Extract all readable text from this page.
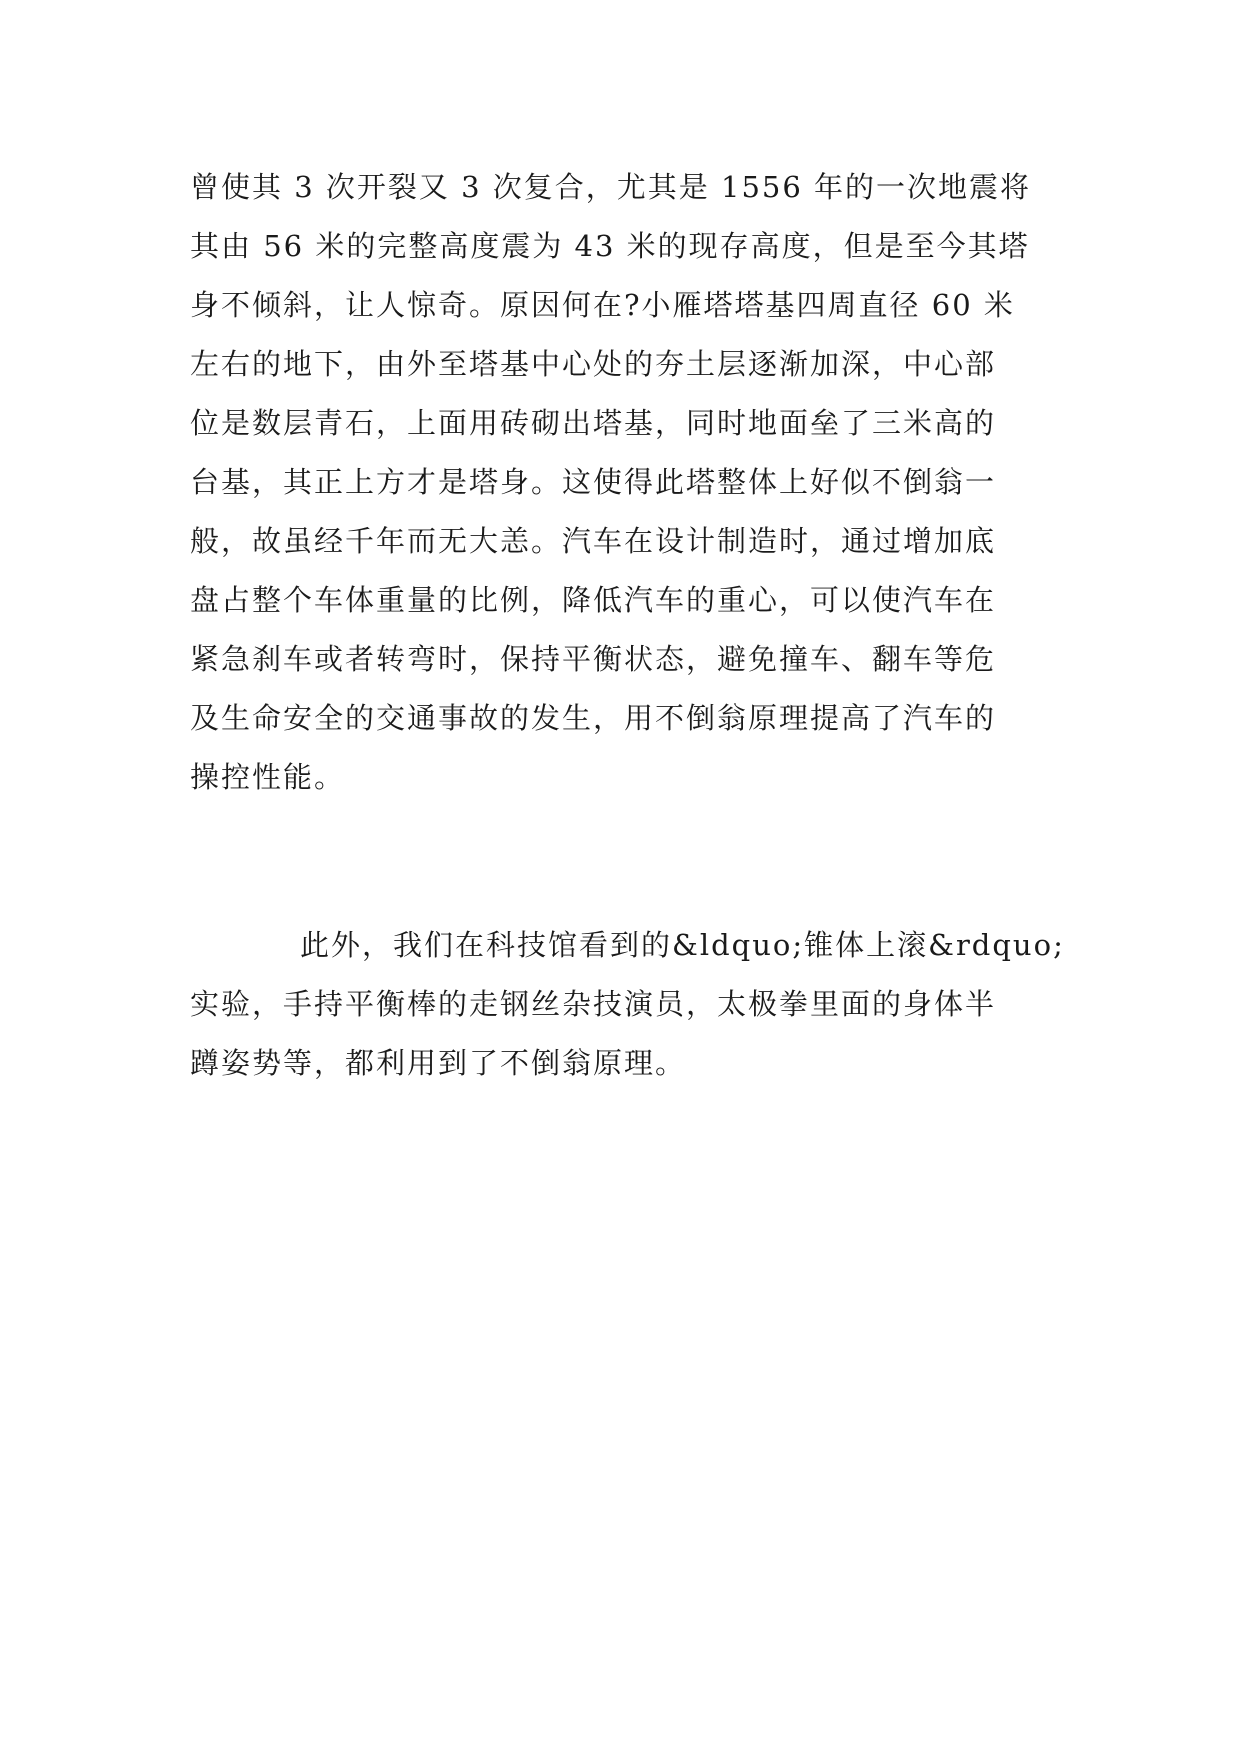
曾使其 3 次开裂又 3 次复合，尤其是 1556 年的一次地震将
其由 56 米的完整高度震为 43 米的现存高度，但是至今其塔
身不倾斜，让人惊奇。原因何在?小雁塔塔基四周直径 60 米
左右的地下，由外至塔基中心处的夯土层逐渐加深，中心部
位是数层青石，上面用砖砌出塔基，同时地面垒了三米高的
台基，其正上方才是塔身。这使得此塔整体上好似不倒翁一
般，故虽经千年而无大恙。汽车在设计制造时，通过增加底
盘占整个车体重量的比例，降低汽车的重心，可以使汽车在
紧急刹车或者转弯时，保持平衡状态，避免撞车、翻车等危
及生命安全的交通事故的发生，用不倒翁原理提高了汽车的
操控性能。
此外，我们在科技馆看到的&ldquo;锥体上滚&rdquo;
实验，手持平衡棒的走钢丝杂技演员，太极拳里面的身体半
蹲姿势等，都利用到了不倒翁原理。
